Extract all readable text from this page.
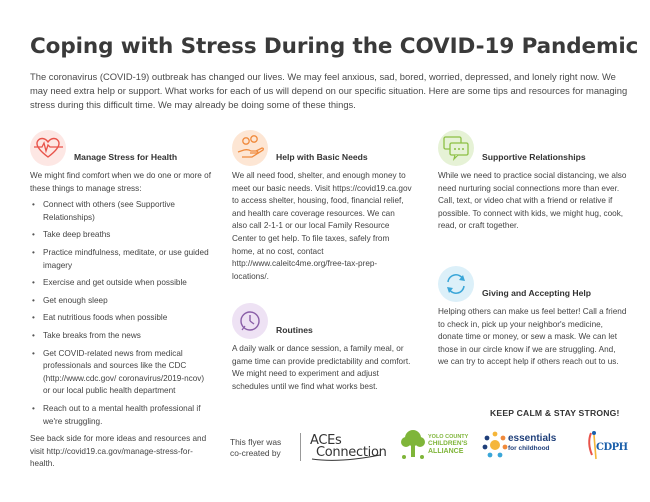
Coping with Stress During the COVID-19 Pandemic
The coronavirus (COVID-19) outbreak has changed our lives. We may feel anxious, sad, bored, worried, depressed, and lonely right now. We may need extra help or support. What works for each of us will depend on our specific situation. Here are some tips and resources for managing stress during this difficult time. We may already be doing some of these things.
Manage Stress for Health
We might find comfort when we do one or more of these things to manage stress:
• Connect with others (see Supportive Relationships)
• Take deep breaths
• Practice mindfulness, meditate, or use guided imagery
• Exercise and get outside when possible
• Get enough sleep
• Eat nutritious foods when possible
• Take breaks from the news
• Get COVID-related news from medical professionals and sources like the CDC (http://www.cdc.gov/ coronavirus/2019-ncov) or our local public health department
• Reach out to a mental health professional if we're struggling.
See back side for more ideas and resources and visit http://covid19.ca.gov/manage-stress-for-health.
Help with Basic Needs
We all need food, shelter, and enough money to meet our basic needs. Visit https://covid19.ca.gov to access shelter, housing, food, financial relief, and health care coverage resources. We can also call 2-1-1 or our local Family Resource Center to get help. To file taxes, safely from home, at no cost, contact http://www.caleitc4me.org/free-tax-prep-locations/.
Routines
A daily walk or dance session, a family meal, or game time can provide predictability and comfort. We might need to experiment and adjust schedules until we find what works best.
Supportive Relationships
While we need to practice social distancing, we also need nurturing social connections more than ever. Call, text, or video chat with a friend or relative if possible. To connect with kids, we might hug, cook, read, or craft together.
Giving and Accepting Help
Helping others can make us feel better! Call a friend to check in, pick up your neighbor's medicine, donate time or money, or sew a mask. We can let those in our circle know if we are struggling. And, we can try to accept help if others reach out to us.
KEEP CALM & STAY STRONG!
This flyer was
co-created by
ACEs
Connection
YOLO COUNTY
CHILDREN'S
ALLIANCE
essentials
for childhood	CDPH
